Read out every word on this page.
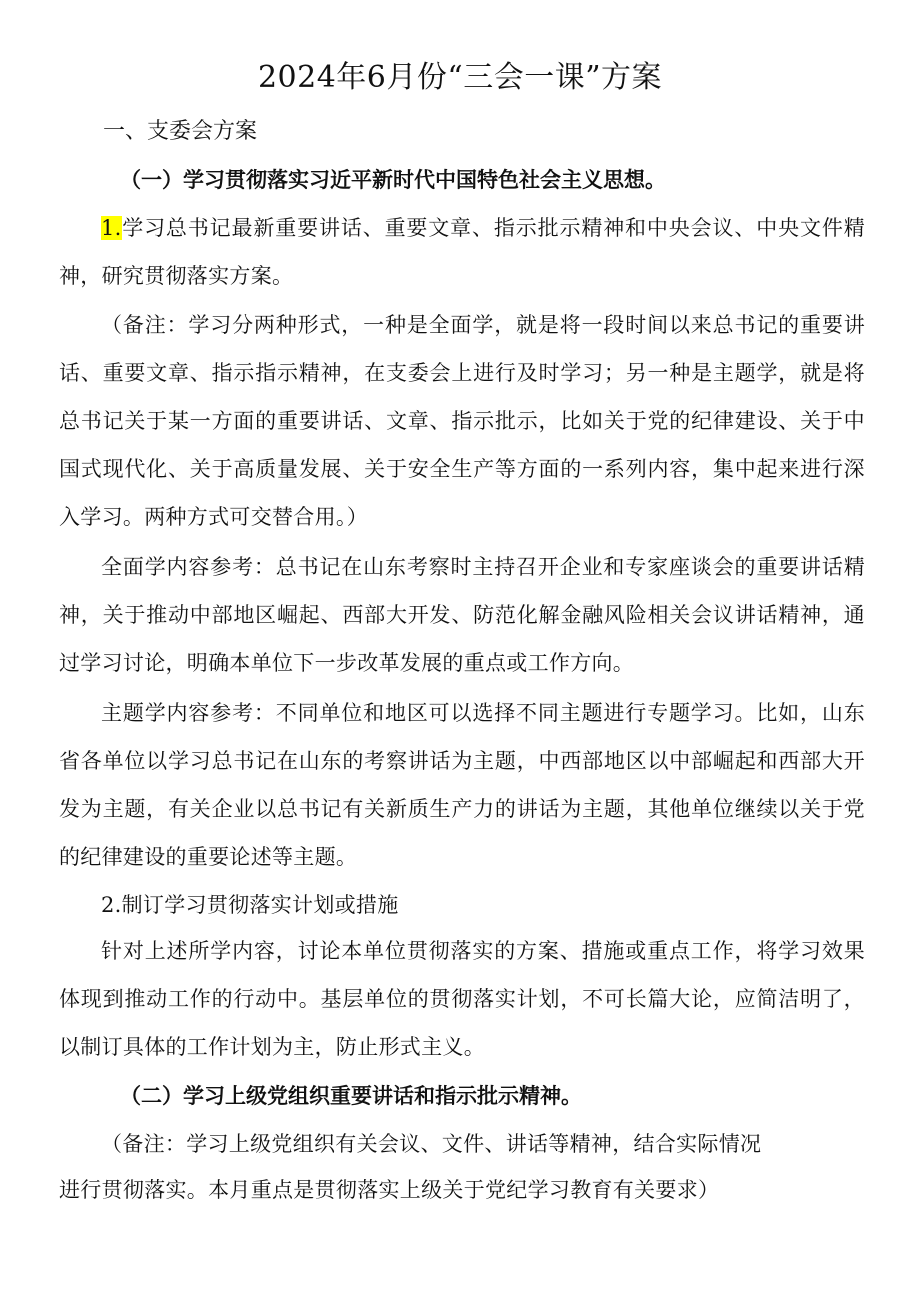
2024年6月份“三会一课”方案
一、支委会方案
（一）学习贯彻落实习近平新时代中国特色社会主义思想。

1.学习总书记最新重要讲话、重要文章、指示批示精神和中央会议、中央文件精神，研究贯彻落实方案。

（备注：学习分两种形式，一种是全面学，就是将一段时间以来总书记的重要讲话、重要文章、指示指示精神，在支委会上进行及时学习；另一种是主题学，就是将总书记关于某一方面的重要讲话、文章、指示批示，比如关于党的纪律建设、关于中国式现代化、关于高质量发展、关于安全生产等方面的一系列内容，集中起来进行深入学习。两种方式可交替合用。）

全面学内容参考：总书记在山东考察时主持召开企业和专家座谈会的重要讲话精神，关于推动中部地区崛起、西部大开发、防范化解金融风险相关会议讲话精神，通过学习讨论，明确本单位下一步改革发展的重点或工作方向。

主题学内容参考：不同单位和地区可以选择不同主题进行专题学习。比如，山东省各单位以学习总书记在山东的考察讲话为主题，中西部地区以中部崛起和西部大开发为主题，有关企业以总书记有关新质生产力的讲话为主题，其他单位继续以关于党的纪律建设的重要论述等主题。

2.制订学习贯彻落实计划或措施

针对上述所学内容，讨论本单位贯彻落实的方案、措施或重点工作，将学习效果体现到推动工作的行动中。基层单位的贯彻落实计划，不可长篇大论，应简洁明了，以制订具体的工作计划为主，防止形式主义。

（二）学习上级党组织重要讲话和指示批示精神。
（备注：学习上级党组织有关会议、文件、讲话等精神，结合实际情况
进行贯彻落实。本月重点是贯彻落实上级关于党纪学习教育有关要求）
